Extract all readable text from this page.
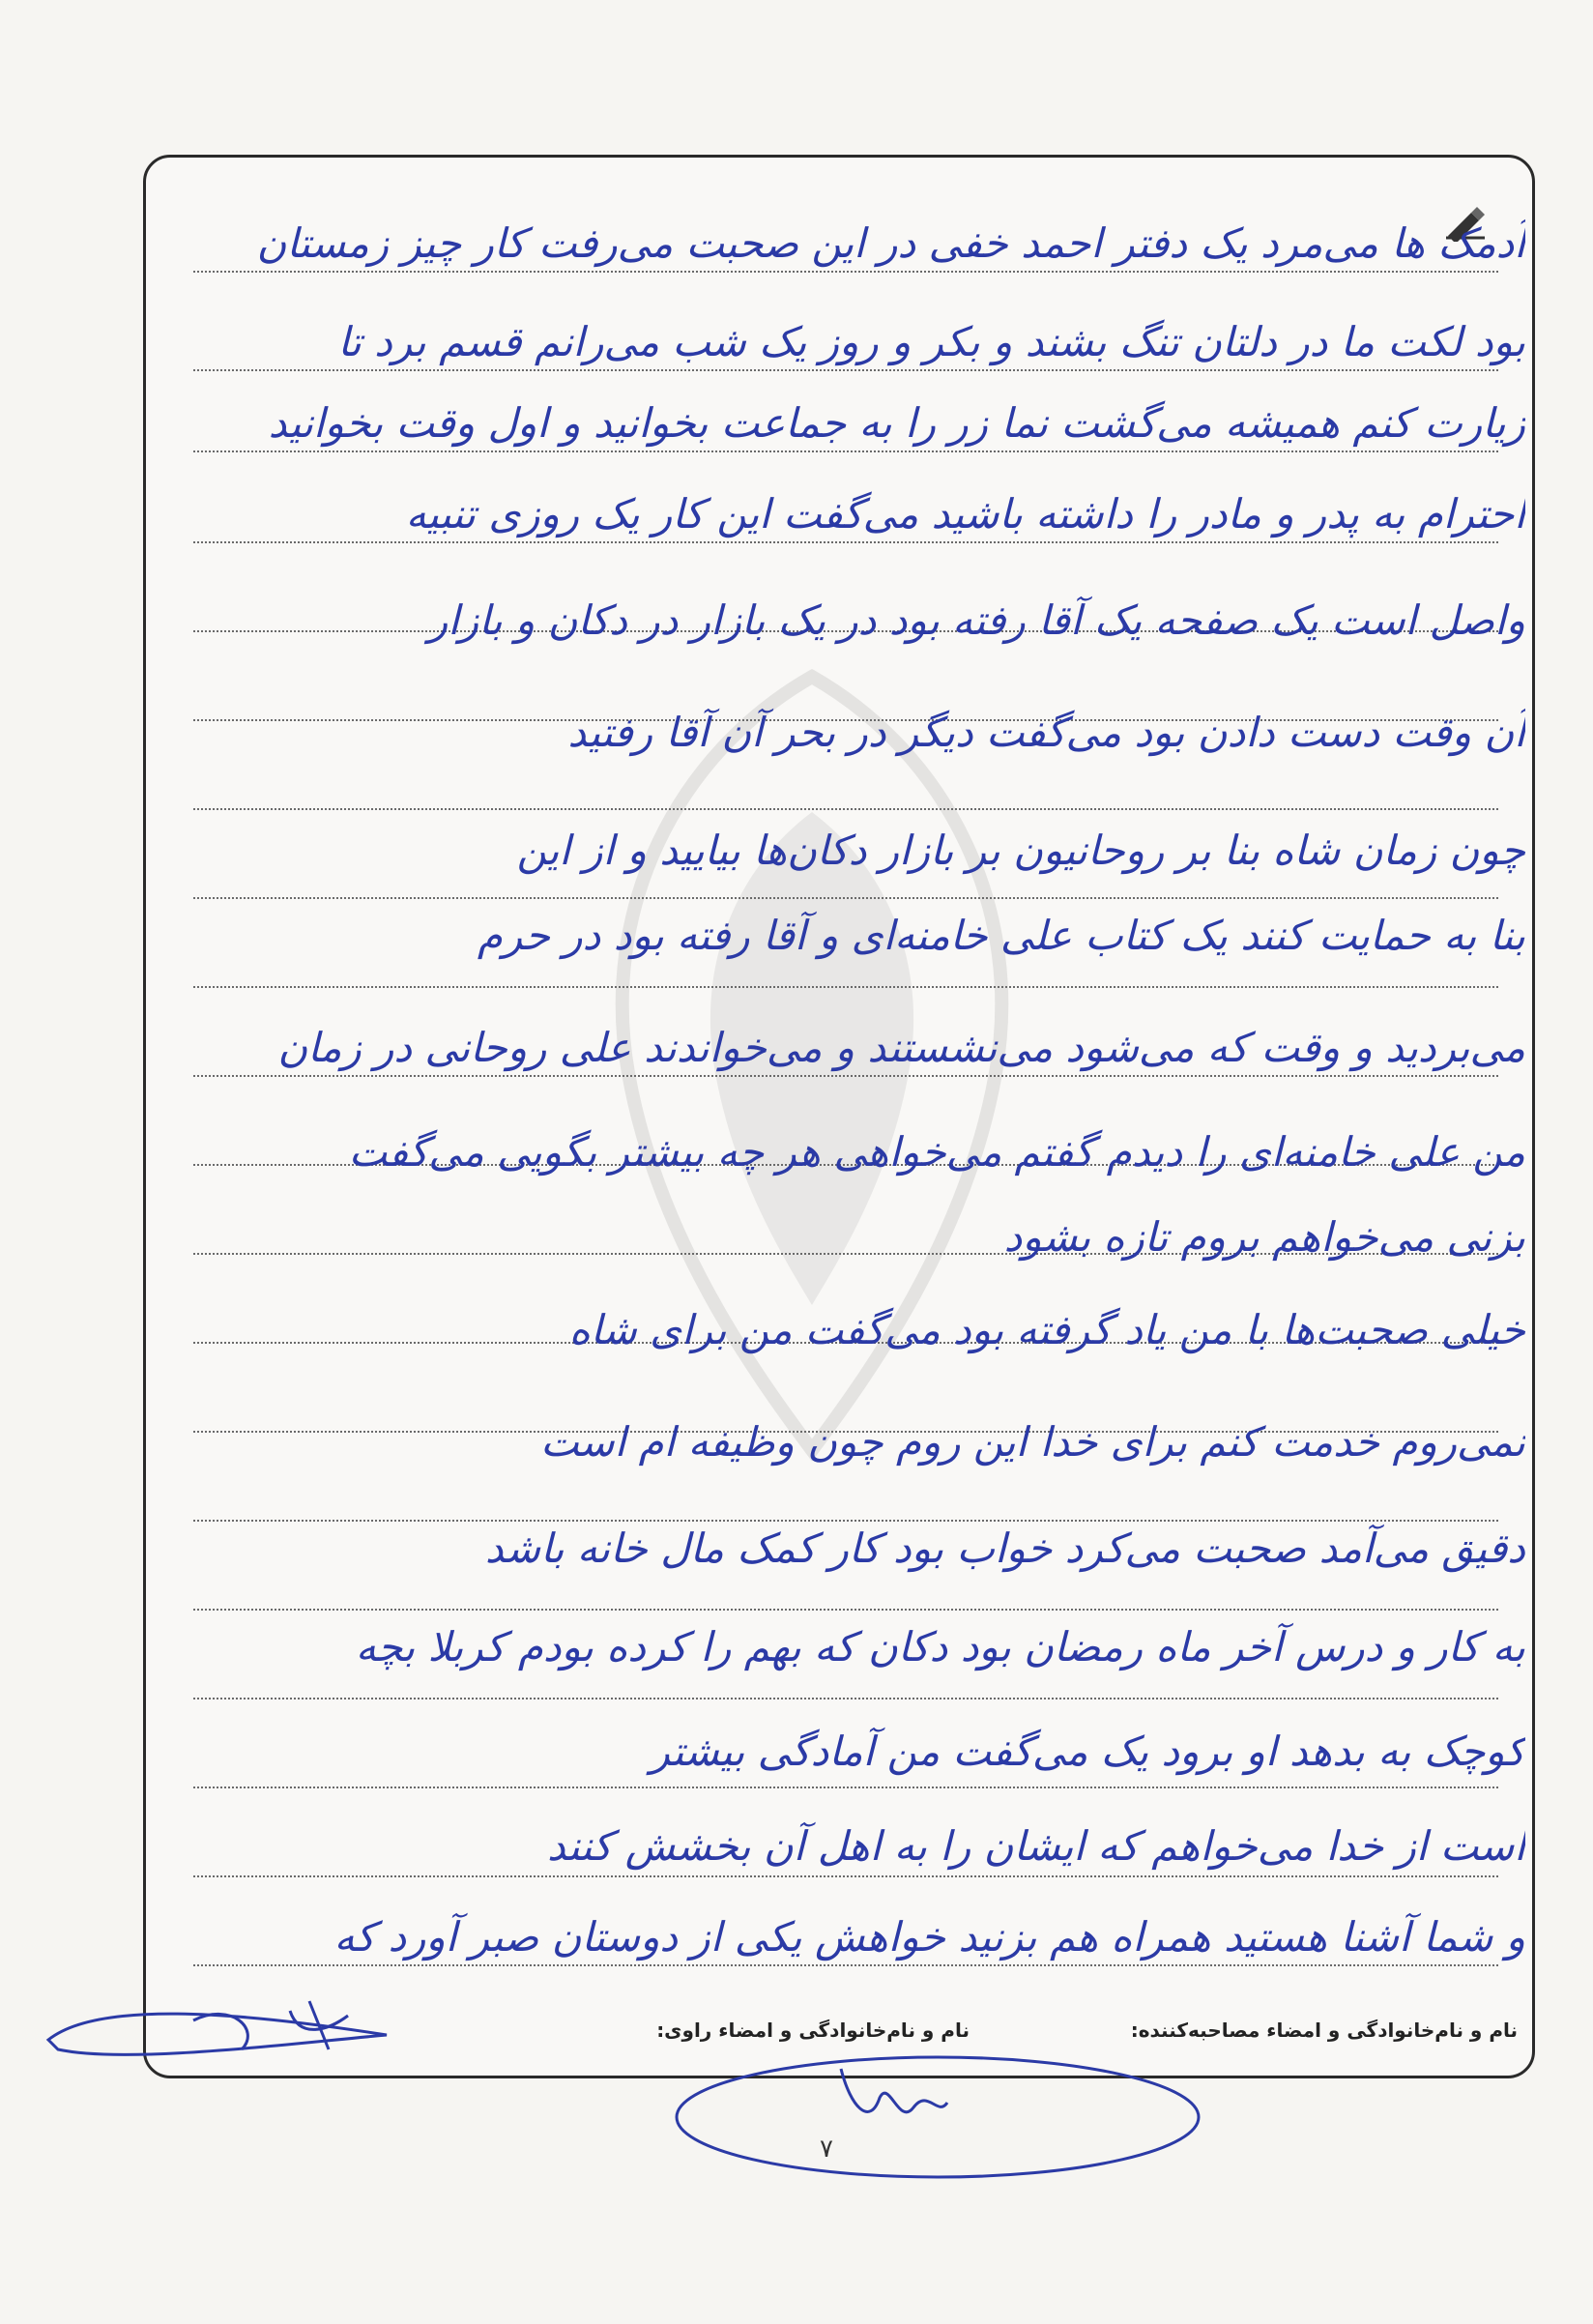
آدمک ها می‌مرد یک دفتر احمد خفی در این صحبت می‌رفت کار چیز زمستان
بود لکت ما در دلتان تنگ بشند و بکر و روز یک شب می‌رانم قسم برد تا
زیارت کنم همیشه می‌گشت نما زر را به جماعت بخوانید و اول وقت بخوانید
احترام به پدر و مادر را داشته باشید می‌گفت این کار یک روزی تنبیه
واصل است یک صفحه یک آقا رفته بود در یک بازار در دکان و بازار
آن وقت دست دادن بود می‌گفت دیگر در بحر آن آقا رفتید
چون زمان شاه بنا بر روحانیون بر بازار دکان‌ها بیایید و از این
بنا به حمایت کنند یک کتاب علی خامنه‌ای و آقا رفته بود در حرم
می‌بردید و وقت که می‌شود می‌نشستند و می‌خواندند علی روحانی در زمان
من علی خامنه‌ای را دیدم گفتم می‌خواهی هر چه بیشتر بگویی می‌گفت
بزنی می‌خواهم بروم تازه بشود
خیلی صحبت‌ها با من یاد گرفته بود می‌گفت من برای شاه
نمی‌روم خدمت کنم برای خدا این روم چون وظیفه ام است
دقیق می‌آمد صحبت می‌کرد خواب بود کار کمک مال خانه باشد
به کار و درس آخر ماه رمضان بود دکان که بهم را کرده بودم کربلا بچه
کوچک به بدهد او برود یک می‌گفت من آمادگی بیشتر
است از خدا می‌خواهم که ایشان را به اهل آن بخشش کنند
و شما آشنا هستید همراه هم بزنید خواهش یکی از دوستان صبر آورد که
نام و نام‌خانوادگی و امضاء مصاحبه‌کننده:
نام و نام‌خانوادگی و امضاء راوی:
۷
